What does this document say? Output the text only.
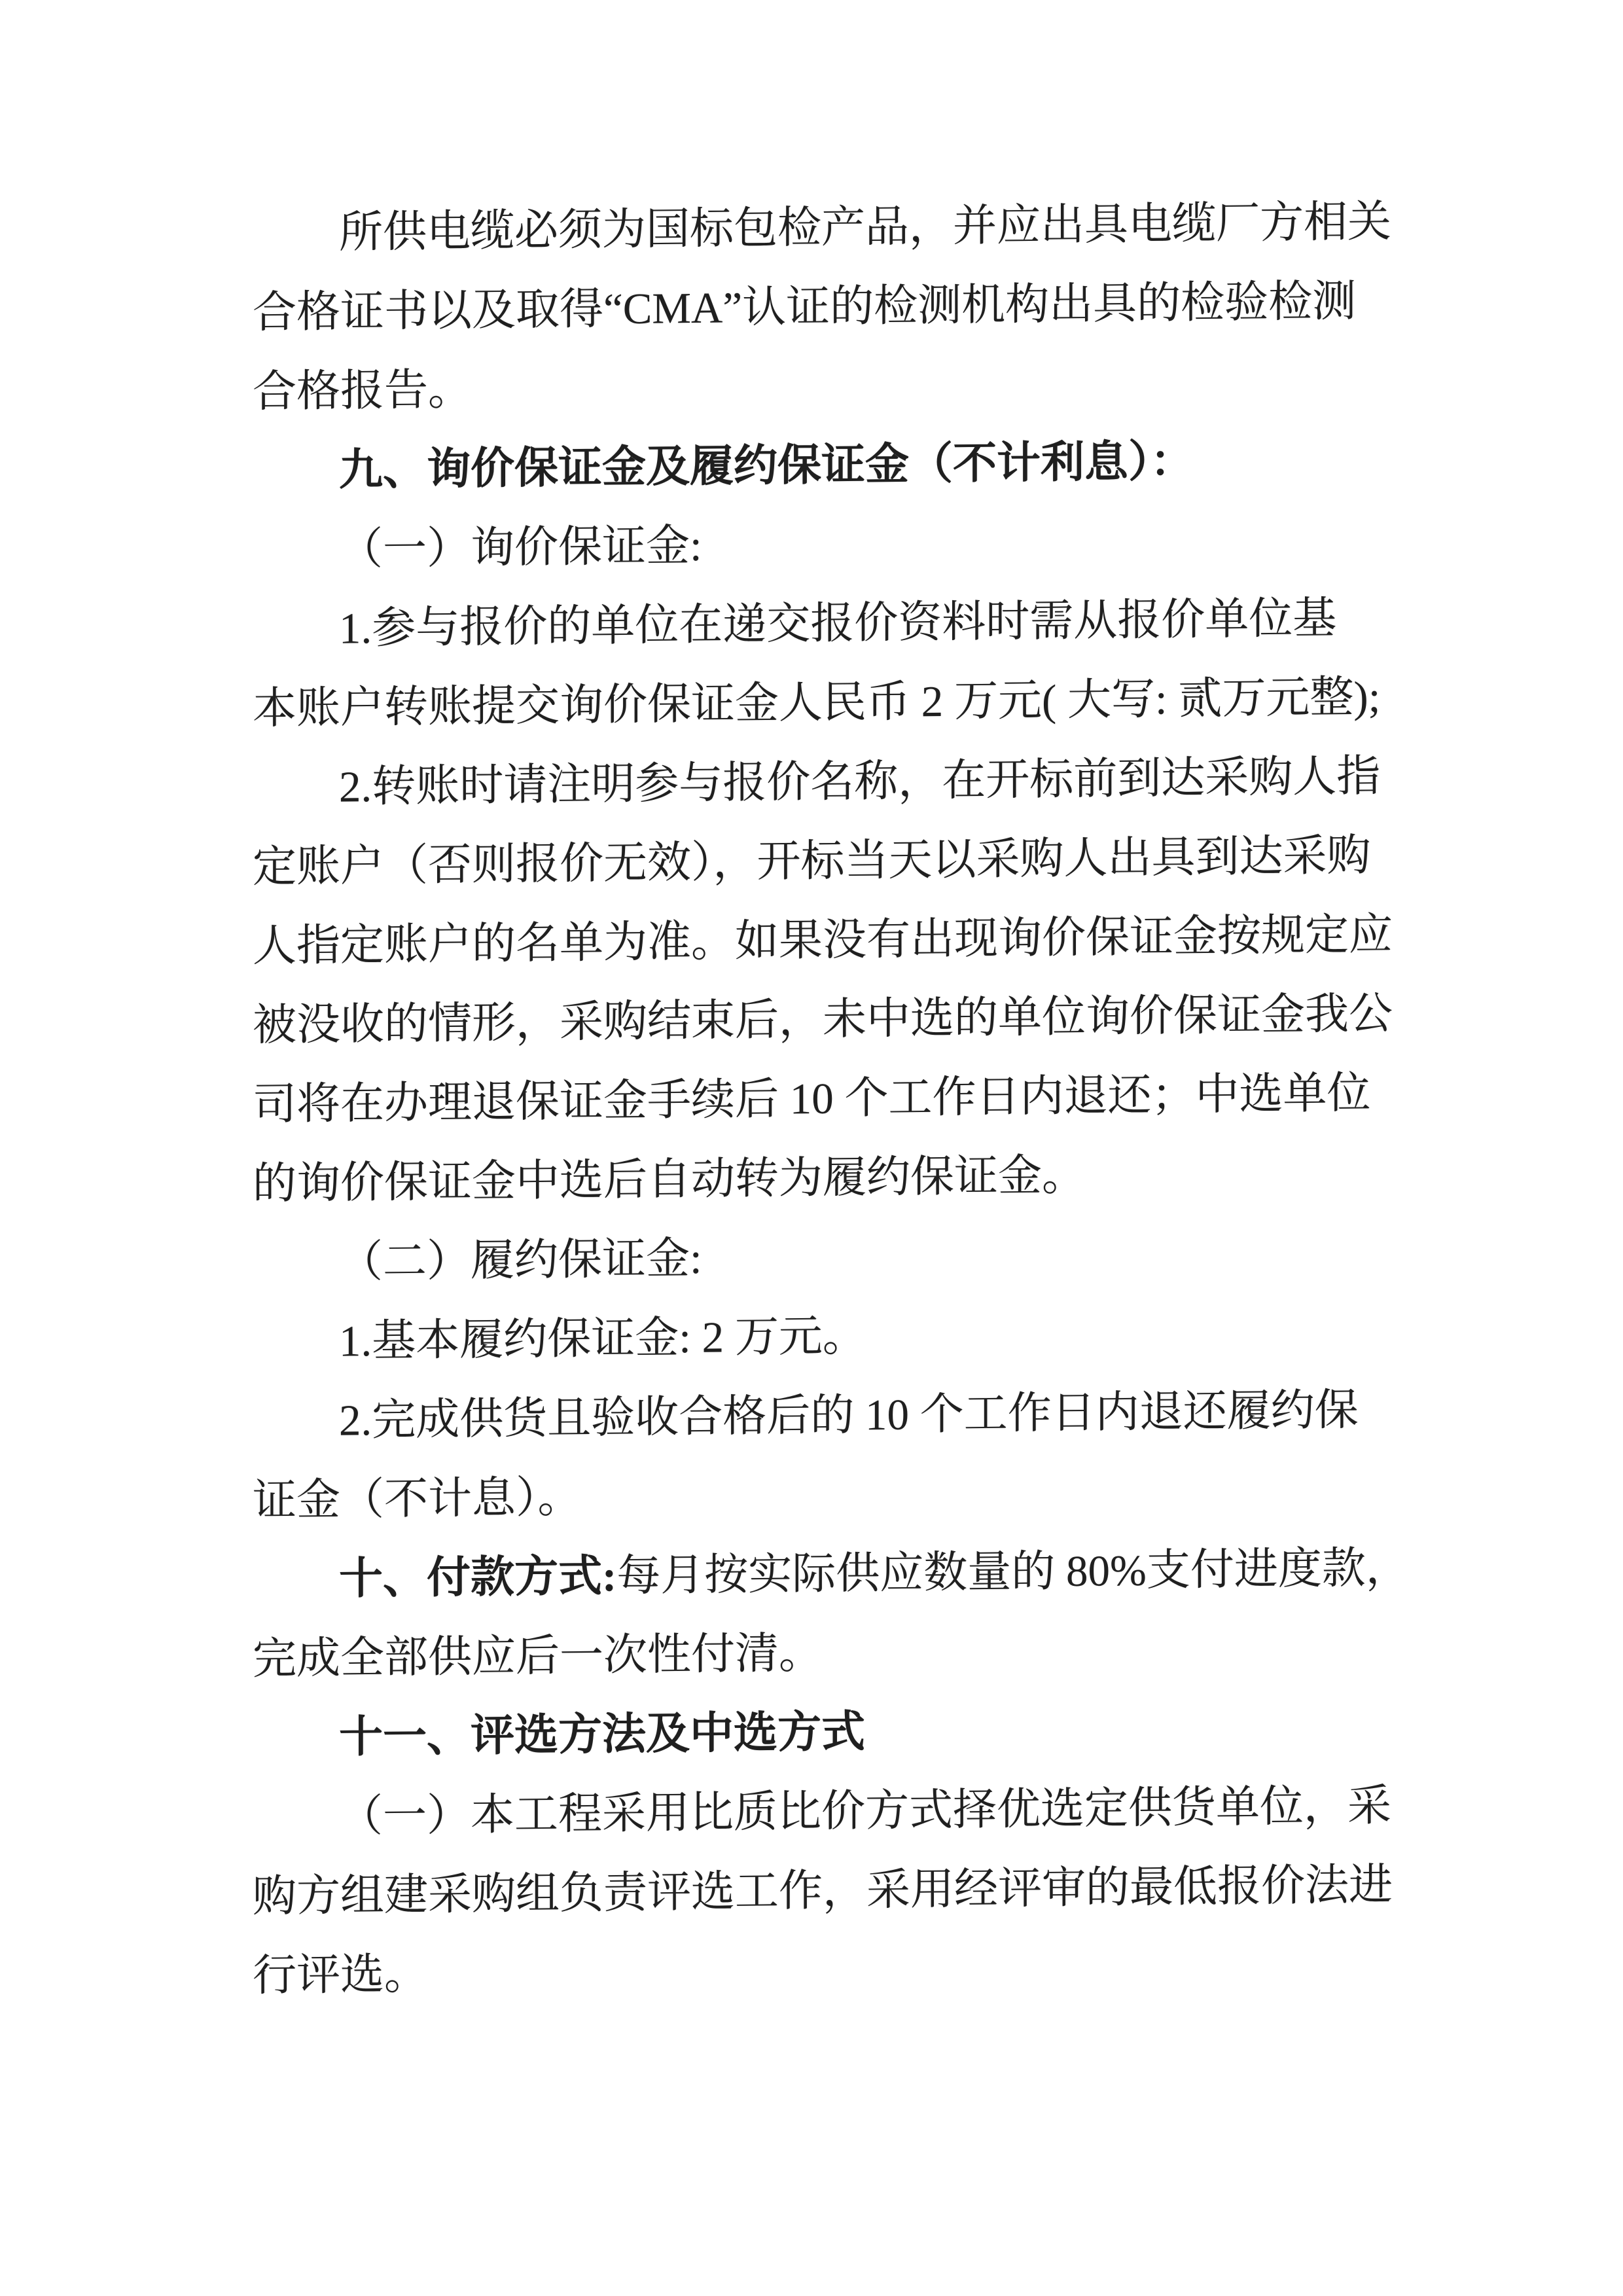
所供电缆必须为国标包检产品，并应出具电缆厂方相关
合格证书以及取得“CMA”认证的检测机构出具的检验检测
合格报告。
九、询价保证金及履约保证金（不计利息）：
（一）询价保证金:
1.参与报价的单位在递交报价资料时需从报价单位基
本账户转账提交询价保证金人民币 2 万元( 大写: 贰万元整);
2.转账时请注明参与报价名称，在开标前到达采购人指
定账户（否则报价无效），开标当天以采购人出具到达采购
人指定账户的名单为准。如果没有出现询价保证金按规定应
被没收的情形，采购结束后，未中选的单位询价保证金我公
司将在办理退保证金手续后 10 个工作日内退还；中选单位
的询价保证金中选后自动转为履约保证金。
（二）履约保证金:
1.基本履约保证金: 2 万元。
2.完成供货且验收合格后的 10 个工作日内退还履约保
证金（不计息）。
十、付款方式:每月按实际供应数量的 80%支付进度款，
完成全部供应后一次性付清。
十一、评选方法及中选方式
（一）本工程采用比质比价方式择优选定供货单位，采
购方组建采购组负责评选工作，采用经评审的最低报价法进
行评选。
